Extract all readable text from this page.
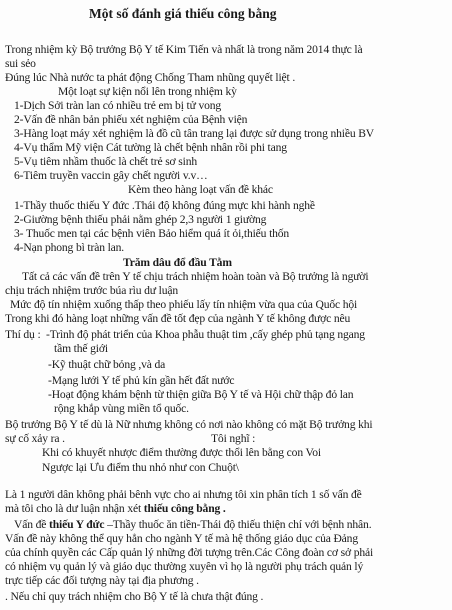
Một số đánh giá thiếu công bằng
Trong nhiệm kỳ Bộ trưởng Bộ Y tế Kim Tiến và nhất là trong năm 2014 thực là
sui sẻo
Đúng lúc Nhà nước ta phát động Chống Tham nhũng quyết liệt .
Một loạt sự kiện nổi lên trong nhiệm kỳ
1-Dịch Sởi tràn lan có nhiều trẻ em bị tử vong
2-Vấn đề nhân bản phiếu xét nghiệm của Bệnh viện
3-Hàng loạt máy xét nghiệm là đồ cũ tân trang lại được sử dụng trong nhiều BV
4-Vụ thẩm Mỹ viện Cát tường là chết bệnh nhân rồi phi tang
5-Vụ tiêm nhầm thuốc là chết trẻ sơ sinh
6-Tiêm truyền vaccin gây chết người v.v…
Kèm theo hàng loạt vấn đề khác
1-Thầy thuốc thiếu Y đức .Thái độ không đúng mực khi hành nghề
2-Giường bệnh thiếu phải nằm ghép 2,3 người 1 giường
3- Thuốc men tại các bệnh viên Bảo hiểm quá ít ỏi,thiếu thốn
4-Nạn phong bì tràn lan.
Trăm dâu đổ đầu Tằm
Tất cả các vấn đề trên Y tế chịu trách nhiệm hoàn toàn và Bộ trưởng là người
chịu trách nhiệm trước búa rìu dư luận
Mức độ tín nhiệm xuống thấp theo phiếu lấy tín nhiệm vừa qua của Quốc hội
Trong khi đó hàng loạt những vấn đề tốt đẹp của ngành Y tế không được nêu
Thí dụ : -Trình độ phát triển của Khoa phẫu thuật tim ,cấy ghép phủ tạng ngang
tầm thế giới
-Kỹ thuật chữ bỏng ,và da
-Mạng lưới Y tế phủ kín gần hết đất nước
-Hoạt động khám bệnh từ thiện giữa Bộ Y tế và Hội chữ thập đỏ lan
rộng khắp vùng miền tổ quốc.
Bộ trưởng Bộ Y tế dù là Nữ nhưng không có nơi nào không có mặt Bộ trưởng khi
sự cố xảy ra .	Tôi nghĩ :
Khi có khuyết nhược điểm thường được thổi lên bằng con Voi
Ngược lại Ưu điểm thu nhỏ như con Chuột\
Là 1 người dân không phải bênh vực cho ai nhưng tôi xin phân tích 1 số vấn đề
mà tôi cho là dư luận nhận xét thiếu công bằng .
Vấn đề thiếu Y đức –Thầy thuốc ăn tiền-Thái độ thiếu thiện chí với bệnh nhân.
Vấn đề này không thể quy hẳn cho ngành Y tế mà hệ thống giáo dục của Đảng
của chính quyền các Cấp quản lý những đời tượng trên.Các Công đoàn cơ sở phải
có nhiệm vụ quản lý và giáo dục thường xuyên vì họ là người phụ trách quản lý
trực tiếp các đối tượng này tại địa phương .
. Nếu chỉ quy trách nhiệm cho Bộ Y tế là chưa thật đúng .
